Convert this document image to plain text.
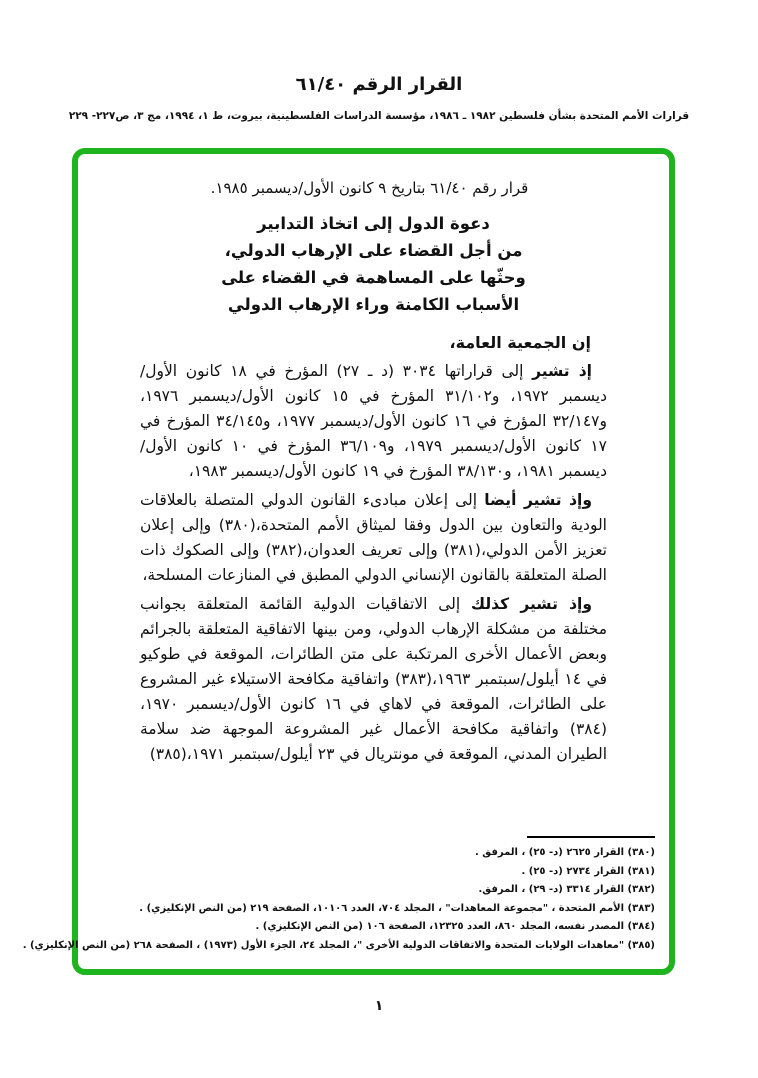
القرار الرقم ٦١/٤٠
قرارات الأمم المتحدة بشأن فلسطين ١٩٨٢ ـ ١٩٨٦، مؤسسة الدراسات الفلسطينية، بيروت، ط ١، ١٩٩٤، مج ٣، ص٢٢٧- ٢٢٩
قرار رقم ٦١/٤٠ بتاريخ ٩ كانون الأول/ديسمبر ١٩٨٥.
دعوة الدول إلى اتخاذ التدابير
من أجل القضاء على الإرهاب الدولي،
وحثّها على المساهمة في القضاء على
الأسباب الكامنة وراء الإرهاب الدولي
إن الجمعية العامة،
إذ تشير إلى قراراتها ٣٠٣٤ (د ـ ٢٧) المؤرخ في ١٨ كانون الأول/ديسمبر ١٩٧٢، و٣١/١٠٢ المؤرخ في ١٥ كانون الأول/ديسمبر ١٩٧٦، و٣٢/١٤٧ المؤرخ في ١٦ كانون الأول/ديسمبر ١٩٧٧، و٣٤/١٤٥ المؤرخ في ١٧ كانون الأول/ديسمبر ١٩٧٩، و٣٦/١٠٩ المؤرخ في ١٠ كانون الأول/ديسمبر ١٩٨١، و٣٨/١٣٠ المؤرخ في ١٩ كانون الأول/ديسمبر ١٩٨٣،
وإذ تشير أيضا إلى إعلان مبادىء القانون الدولي المتصلة بالعلاقات الودية والتعاون بين الدول وفقا لميثاق الأمم المتحدة،(٣٨٠) وإلى إعلان تعزيز الأمن الدولي،(٣٨١) وإلى تعريف العدوان،(٣٨٢) وإلى الصكوك ذات الصلة المتعلقة بالقانون الإنساني الدولي المطبق في المنازعات المسلحة،
وإذ تشير كذلك إلى الاتفاقيات الدولية القائمة المتعلقة بجوانب مختلفة من مشكلة الإرهاب الدولي، ومن بينها الاتفاقية المتعلقة بالجرائم وبعض الأعمال الأخرى المرتكبة على متن الطائرات، الموقعة في طوكيو في ١٤ أيلول/سبتمبر ١٩٦٣،(٣٨٣) واتفاقية مكافحة الاستيلاء غير المشروع على الطائرات، الموقعة في لاهاي في ١٦ كانون الأول/ديسمبر ١٩٧٠،(٣٨٤) واتفاقية مكافحة الأعمال غير المشروعة الموجهة ضد سلامة الطيران المدني، الموقعة في مونتريال في ٢٣ أيلول/سبتمبر ١٩٧١،(٣٨٥)
(٣٨٠) القرار ٢٦٢٥ (د- ٢٥) ، المرفق .
(٣٨١) القرار ٢٧٣٤ (د- ٢٥) .
(٣٨٢) القرار ٣٣١٤ (د- ٢٩) ، المرفق.
(٣٨٣) الأمم المتحدة ، "مجموعة المعاهدات" ، المجلد ٧٠٤، العدد ١٠١٠٦، الصفحة ٢١٩ (من النص الإنكليزي) .
(٣٨٤) المصدر نفسه، المجلد ٨٦٠، العدد ١٢٣٢٥، الصفحة ١٠٦ (من النص الإنكليزي) .
(٣٨٥) "معاهدات الولايات المتحدة والاتفاقات الدولية الأخرى "، المجلد ٢٤، الجزء الأول (١٩٧٣) ، الصفحة ٢٦٨ (من النص الإنكليزي) .
١
